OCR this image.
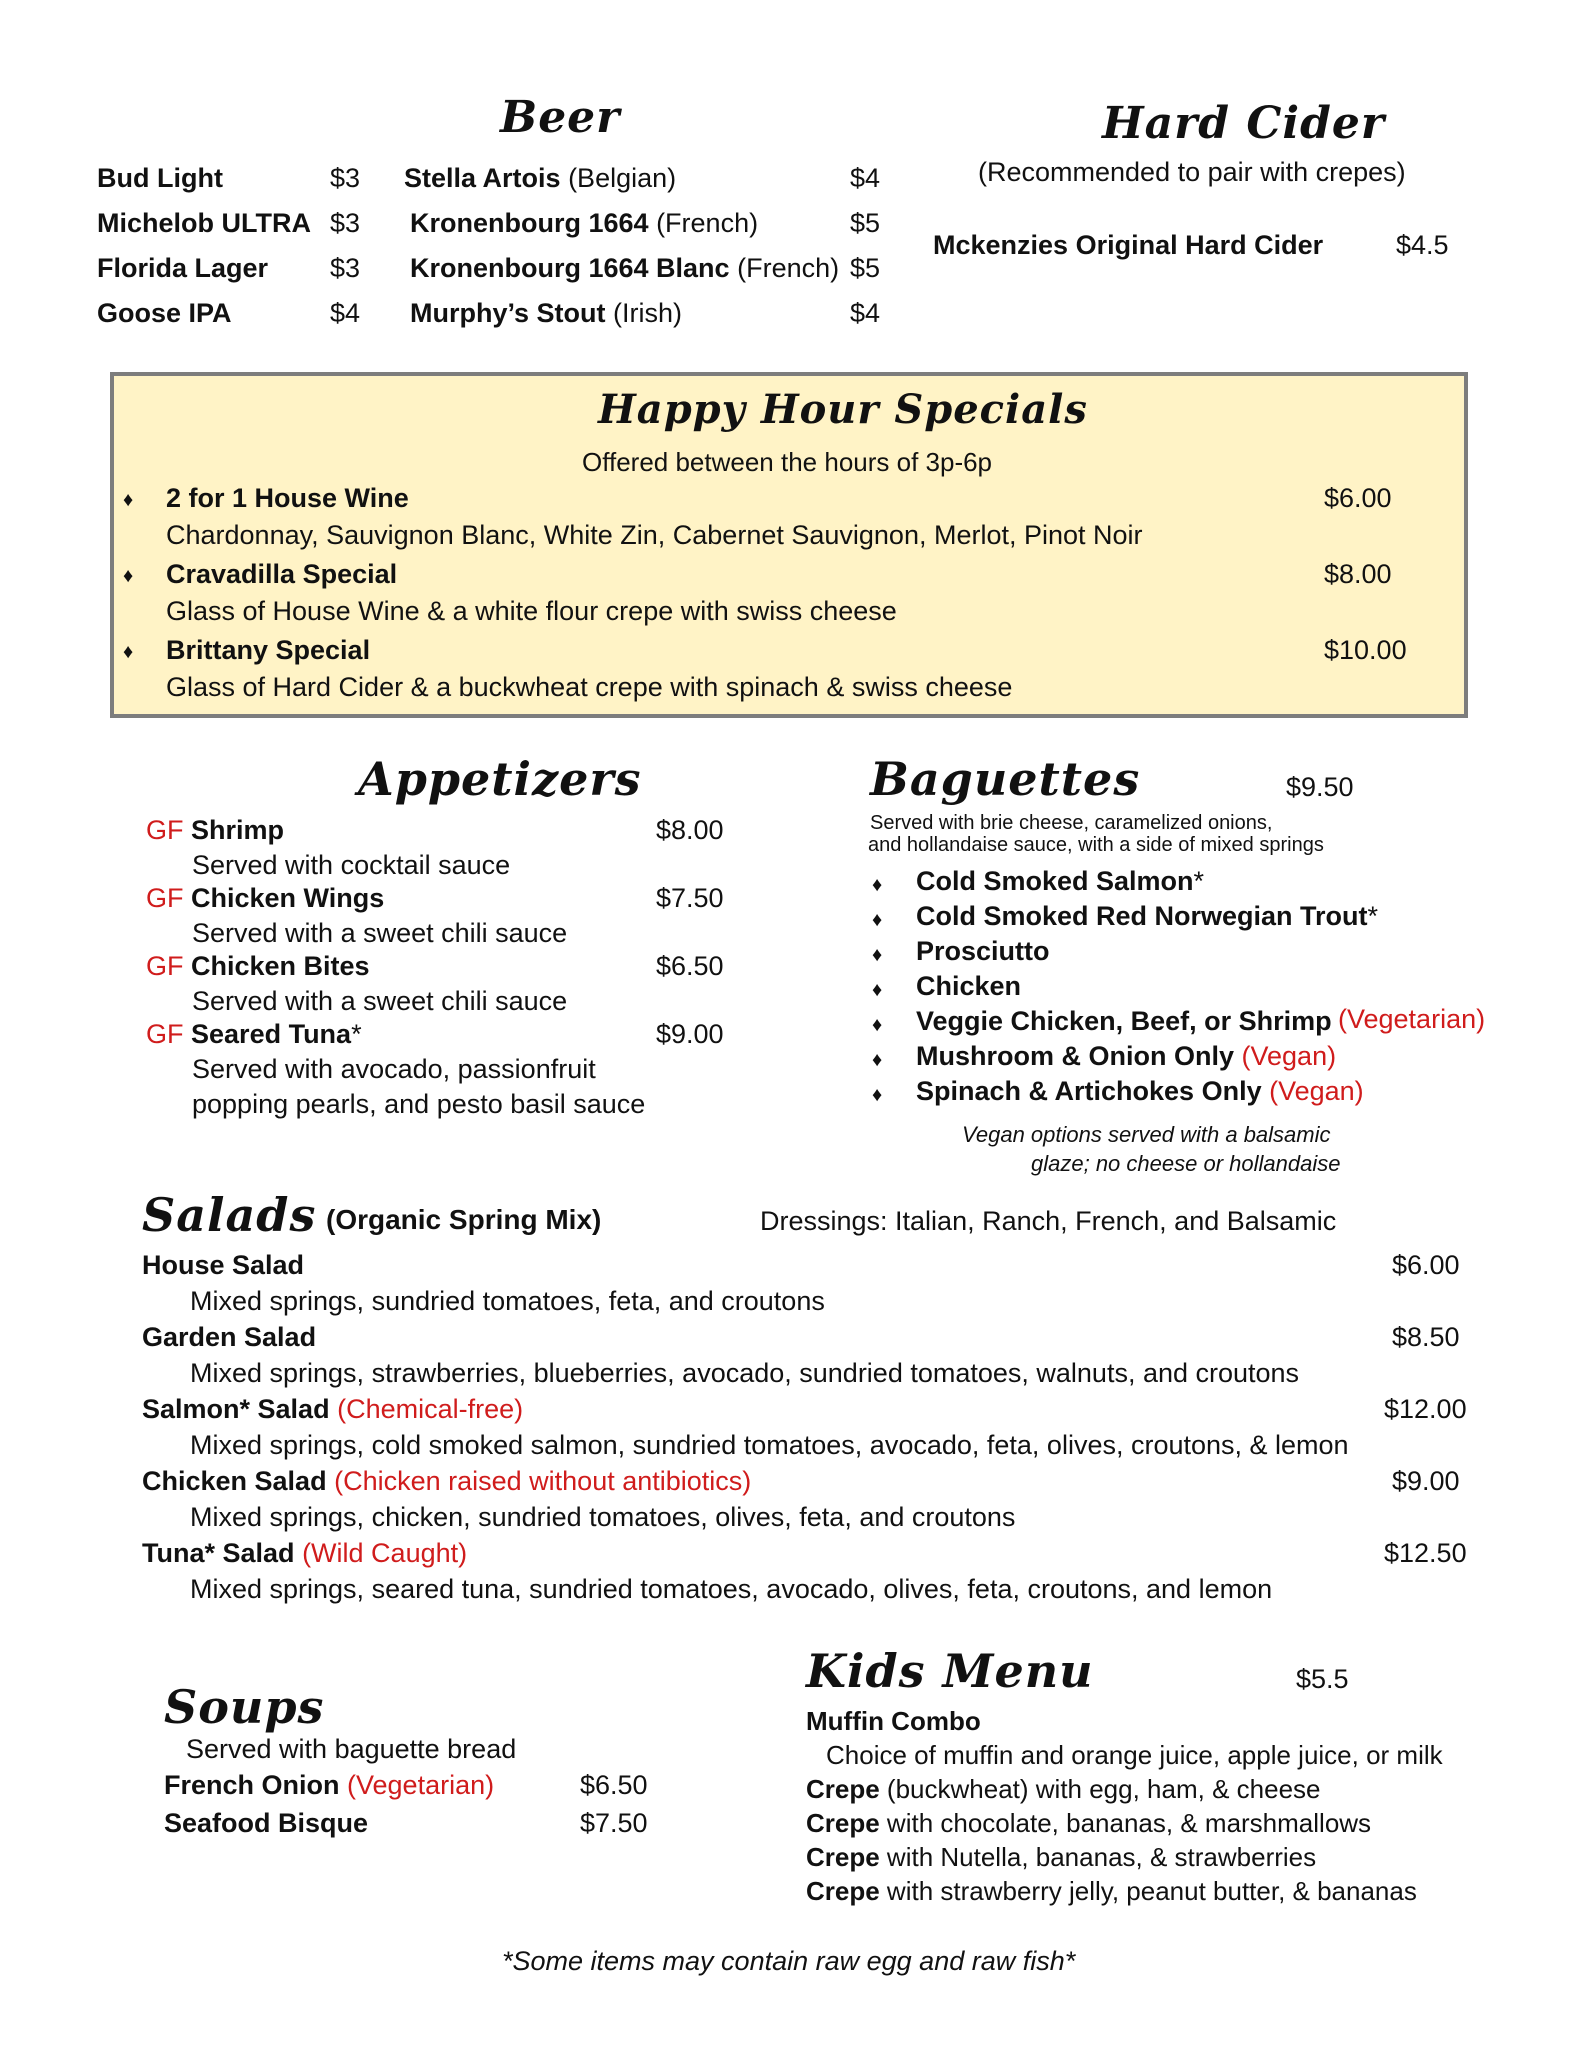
Beer
Bud Light	$3
Michelob ULTRA $3
Florida Lager $3
Goose IPA	$4
Stella Artois (Belgian)	$4
Kronenbourg 1664 (French)	$5
Kronenbourg 1664 Blanc (French) $5
Murphy’s Stout (Irish)	$4
Hard Cider
(Recommended to pair with crepes)
Mckenzies Original Hard Cider	$4.5
Happy Hour Specials
Offered between the hours of 3p-6p
♦ 2 for 1 House Wine	$6.00
Chardonnay, Sauvignon Blanc, White Zin, Cabernet Sauvignon, Merlot, Pinot Noir
♦ Cravadilla Special	$8.00
Glass of House Wine & a white flour crepe with swiss cheese
♦ Brittany Special	$10.00
Glass of Hard Cider & a buckwheat crepe with spinach & swiss cheese
Appetizers
GF Shrimp	$8.00
Served with cocktail sauce
GF Chicken Wings	$7.50
Served with a sweet chili sauce
GF Chicken Bites	$6.50
Served with a sweet chili sauce
GF Seared Tuna*	$9.00
Served with avocado, passionfruit
popping pearls, and pesto basil sauce
Baguettes	$9.50
Served with brie cheese, caramelized onions,
and hollandaise sauce, with a side of mixed springs
♦ Cold Smoked Salmon*
♦ Cold Smoked Red Norwegian Trout*
♦ Prosciutto
♦ Chicken
♦ Veggie Chicken, Beef, or Shrimp (Vegetarian)
♦ Mushroom & Onion Only (Vegan)
♦ Spinach & Artichokes Only (Vegan)
Vegan options served with a balsamic
glaze; no cheese or hollandaise
Salads (Organic Spring Mix)	Dressings: Italian, Ranch, French, and Balsamic
House Salad	$6.00
Mixed springs, sundried tomatoes, feta, and croutons
Garden Salad	$8.50
Mixed springs, strawberries, blueberries, avocado, sundried tomatoes, walnuts, and croutons
Salmon* Salad (Chemical-free)	$12.00
Mixed springs, cold smoked salmon, sundried tomatoes, avocado, feta, olives, croutons, & lemon
Chicken Salad (Chicken raised without antibiotics)	$9.00
Mixed springs, chicken, sundried tomatoes, olives, feta, and croutons
Tuna* Salad (Wild Caught)	$12.50
Mixed springs, seared tuna, sundried tomatoes, avocado, olives, feta, croutons, and lemon
Soups
Served with baguette bread
French Onion (Vegetarian)	$6.50
Seafood Bisque	$7.50
Kids Menu	$5.5
Muffin Combo
Choice of muffin and orange juice, apple juice, or milk
Crepe (buckwheat) with egg, ham, & cheese
Crepe with chocolate, bananas, & marshmallows
Crepe with Nutella, bananas, & strawberries
Crepe with strawberry jelly, peanut butter, & bananas
*Some items may contain raw egg and raw fish*
